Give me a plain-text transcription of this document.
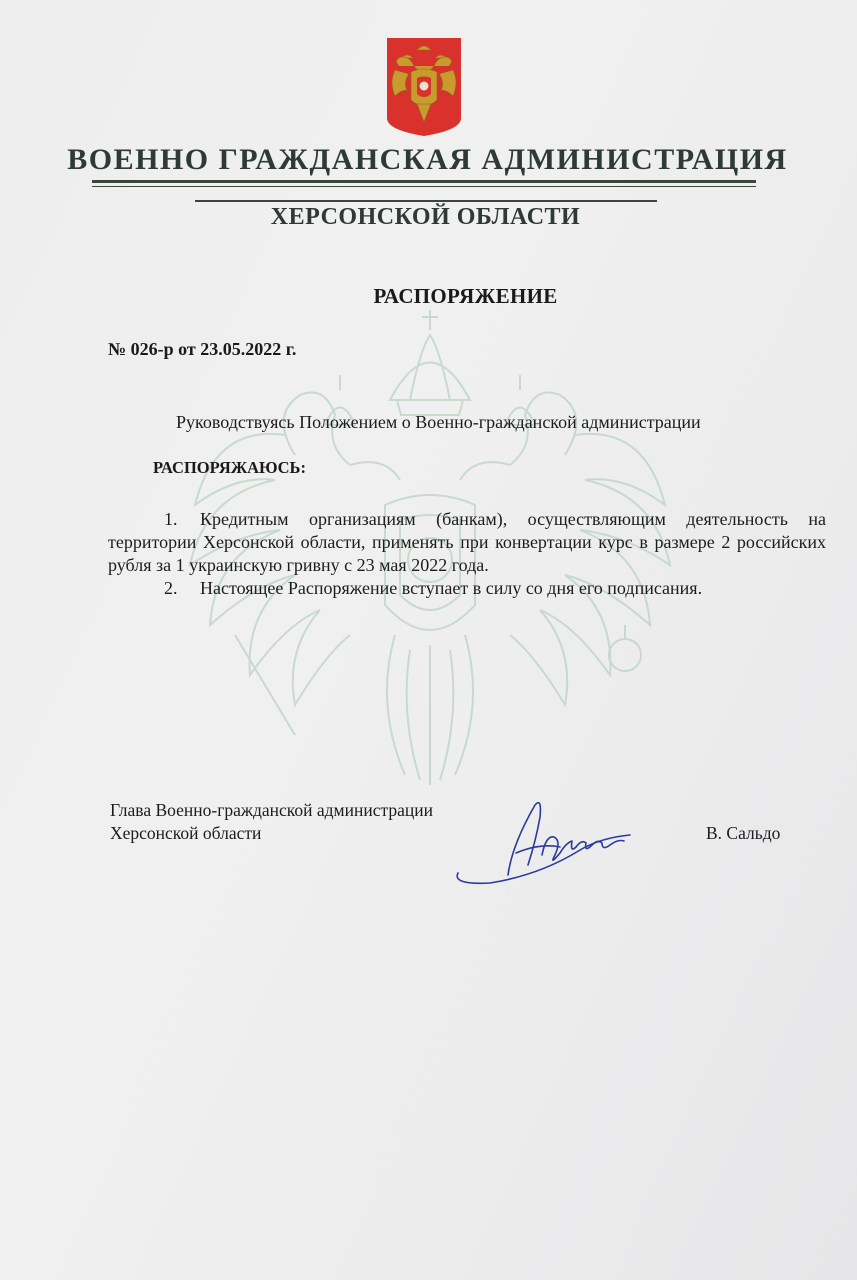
ВОЕННО ГРАЖДАНСКАЯ АДМИНИСТРАЦИЯ
ХЕРСОНСКОЙ ОБЛАСТИ
РАСПОРЯЖЕНИЕ
№ 026-р от 23.05.2022 г.
Руководствуясь Положением о Военно-гражданской администрации
РАСПОРЯЖАЮСЬ:
1. Кредитным организациям (банкам), осуществляющим деятельность на территории Херсонской области, применять при конвертации курс в размере 2 российских рубля за 1 украинскую гривну с 23 мая 2022 года.
2. Настоящее Распоряжение вступает в силу со дня его подписания.
Глава Военно-гражданской администрации
Херсонской области	В. Сальдо
